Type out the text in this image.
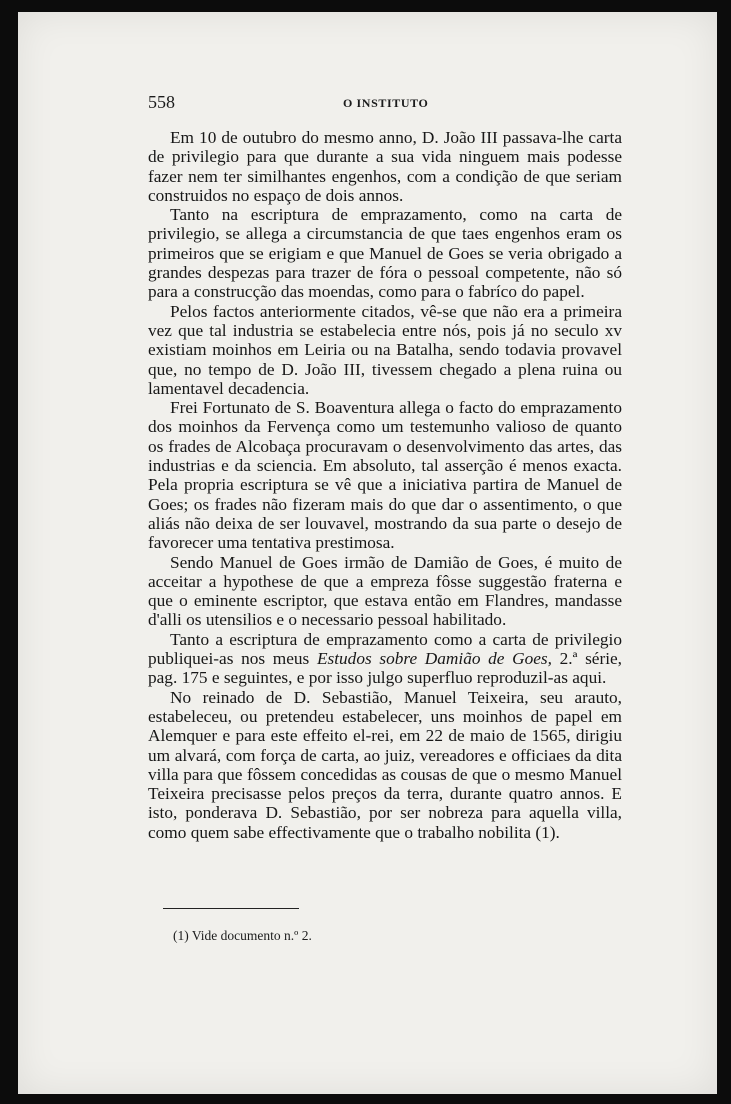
558	O INSTITUTO

Em 10 de outubro do mesmo anno, D. João III passava-lhe carta de privilegio para que durante a sua vida ninguem mais podesse fazer nem ter similhantes engenhos, com a condição de que seriam construidos no espaço de dois annos.

Tanto na escriptura de emprazamento, como na carta de privilegio, se allega a circumstancia de que taes engenhos eram os primeiros que se erigiam e que Manuel de Goes se veria obrigado a grandes despezas para trazer de fóra o pessoal competente, não só para a construcção das moendas, como para o fabríco do papel.

Pelos factos anteriormente citados, vê-se que não era a primeira vez que tal industria se estabelecia entre nós, pois já no seculo xv existiam moinhos em Leiria ou na Batalha, sendo todavia provavel que, no tempo de D. João III, tivessem chegado a plena ruina ou lamentavel decadencia.

Frei Fortunato de S. Boaventura allega o facto do emprazamento dos moinhos da Fervença como um testemunho valioso de quanto os frades de Alcobaça procuravam o desenvolvimento das artes, das industrias e da sciencia. Em absoluto, tal asserção é menos exacta. Pela propria escriptura se vê que a iniciativa partira de Manuel de Goes; os frades não fizeram mais do que dar o assentimento, o que aliás não deixa de ser louvavel, mostrando da sua parte o desejo de favorecer uma tentativa prestimosa.

Sendo Manuel de Goes irmão de Damião de Goes, é muito de acceitar a hypothese de que a empreza fôsse suggestão fraterna e que o eminente escriptor, que estava então em Flandres, mandasse d'alli os utensilios e o necessario pessoal habilitado.

Tanto a escriptura de emprazamento como a carta de privilegio publiquei-as nos meus Estudos sobre Damião de Goes, 2.ª série, pag. 175 e seguintes, e por isso julgo superfluo reproduzil-as aqui.

No reinado de D. Sebastião, Manuel Teixeira, seu arauto, estabeleceu, ou pretendeu estabelecer, uns moinhos de papel em Alemquer e para este effeito el-rei, em 22 de maio de 1565, dirigiu um alvará, com força de carta, ao juiz, vereadores e officiaes da dita villa para que fôssem concedidas as cousas de que o mesmo Manuel Teixeira precisasse pelos preços da terra, durante quatro annos. E isto, ponderava D. Sebastião, por ser nobreza para aquella villa, como quem sabe effectivamente que o trabalho nobilita (1).

(1) Vide documento n.º 2.
